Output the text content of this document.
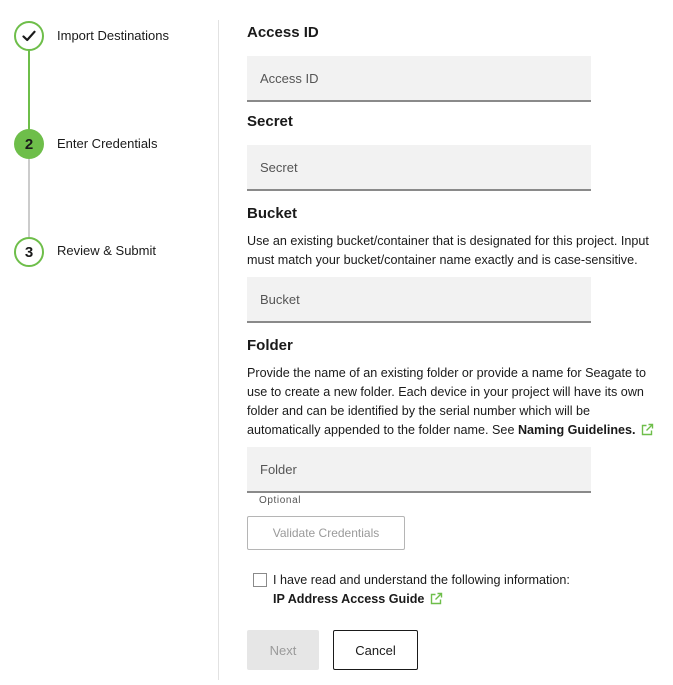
Import Destinations
2	Enter Credentials
3	Review & Submit
Access ID
Access ID
Secret
Secret
Bucket
Use an existing bucket/container that is designated for this project. Input must match your bucket/container name exactly and is case-sensitive.
Bucket
Folder
Provide the name of an existing folder or provide a name for Seagate to use to create a new folder. Each device in your project will have its own folder and can be identified by the serial number which will be automatically appended to the folder name. See Naming Guidelines.
Folder
Optional
Validate Credentials
I have read and understand the following information:
IP Address Access Guide
Next	Cancel
